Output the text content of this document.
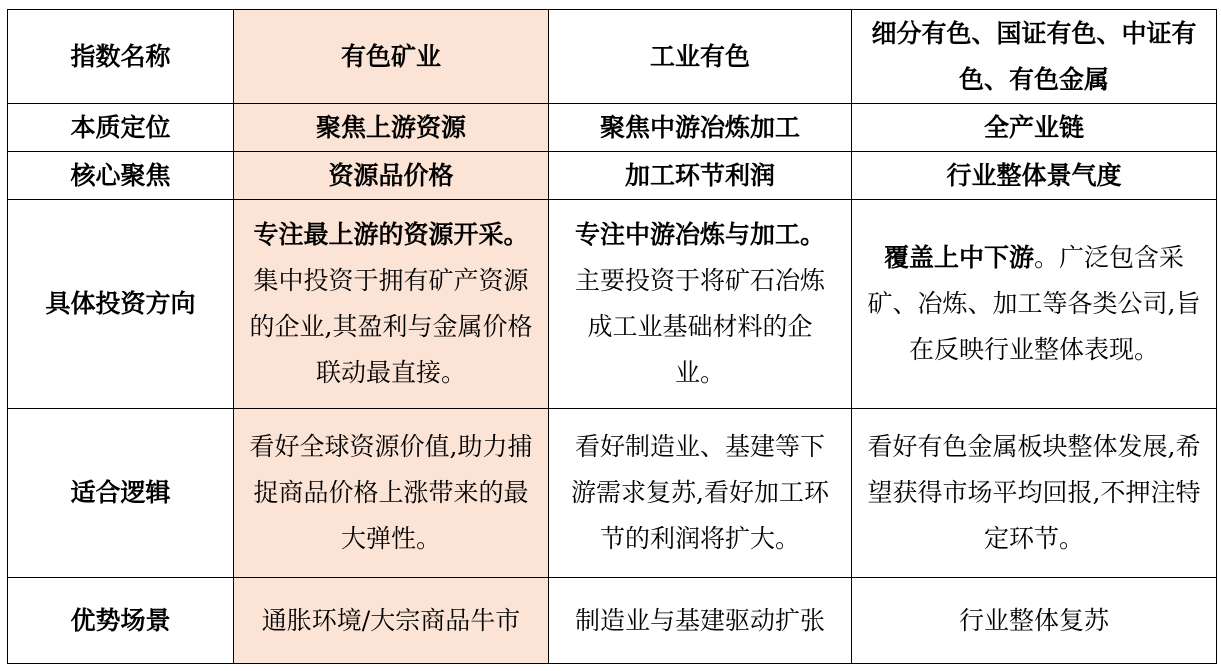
指数名称	有色矿业	工业有色	细分有色、国证有色、中证有色、有色金属
本质定位	聚焦上游资源	聚焦中游冶炼加工	全产业链
核心聚焦	资源品价格	加工环节利润	行业整体景气度
具体投资方向	专注最上游的资源开采。集中投资于拥有矿产资源的企业,其盈利与金属价格联动最直接。	专注中游冶炼与加工。主要投资于将矿石冶炼成工业基础材料的企业。	覆盖上中下游。广泛包含采矿、冶炼、加工等各类公司,旨在反映行业整体表现。
适合逻辑	看好全球资源价值,助力捕捉商品价格上涨带来的最大弹性。	看好制造业、基建等下游需求复苏,看好加工环节的利润将扩大。	看好有色金属板块整体发展,希望获得市场平均回报,不押注特定环节。
优势场景	通胀环境/大宗商品牛市	制造业与基建驱动扩张	行业整体复苏
